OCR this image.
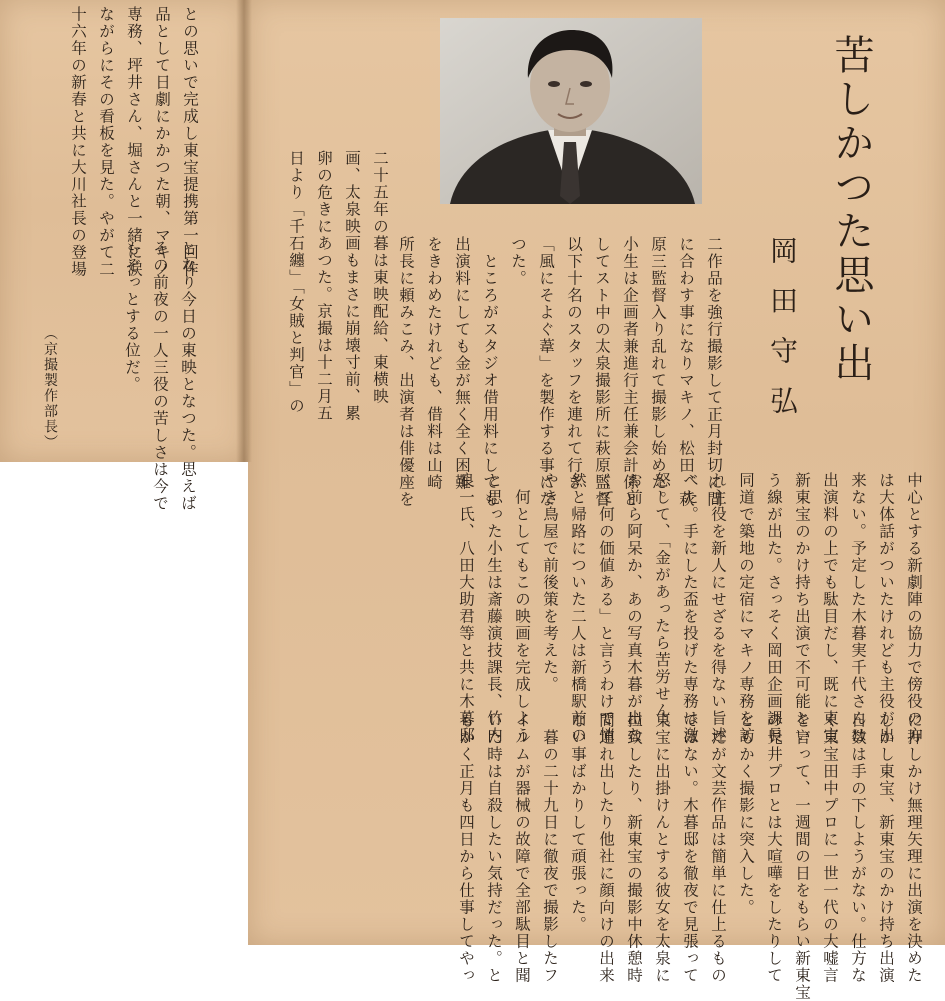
との思いで完成し東宝提携第一回作
品として日劇にかかつた朝、マキノ
専務、坪井さん、堀さんと一緒に涙
ながらにその看板を見た。やがて二
十六年の新春と共に大川社長の登場
となり今日の東映となつた。思えば
その前夜の一人三役の苦しさは今で
もぞっとする位だ。
（京撮製作部長）
苦しかつた思い出
岡田守弘
二十五年の暮は東映配給、東横映
画、太泉映画もまさに崩壊寸前、累
卵の危きにあつた。京撮は十二月五
日より「千石纏」「女賊と判官」の	二作品を強行撮影して正月封切に間
に合わす事になりマキノ、松田、萩
原三監督入り乱れて撮影し始めた。
小生は企画者兼進行主任兼会計係と
してスト中の太泉撮影所に萩原監督
以下十名のスタッフを連れて行き
「風にそよぐ葦」を製作する事にな
つた。
　ところがスタジオ借用料にしても
出演料にしても金が無く全く困難
をきわめたけれども、借料は山崎
所長に頼みこみ、出演者は俳優座を
中心とする新劇陣の協力で傍役の方
は大体話がついたけれども主役が出
来ない。予定した木暮実千代さんは
出演料の上でも駄目だし、既に東宝
新東宝のかけ持ち出演で不可能とい
う線が出た。さっそく岡田企画課長
同道で築地の定宿にマキノ専務を訪
れ主役を新人にせざるを得ない旨述
べた。手にした盃を投げた専務は激
怒して、「金があったら苦労せん。
お前ら阿呆か、あの写真木暮が出な
くて何の価値ある」と言うわけで悄
然と帰路についた二人は新橋駅前の
やき鳥屋で前後策を考えた。
　何としてもこの映画を完成しよう
と思った小生は斎藤演技課長、竹内
良一氏、八田大助君等と共に木暮邸
に押しかけ無理矢理に出演を決めた
しかし東宝、新東宝のかけ持ち出演
日数は手の下しようがない。仕方な
く東宝田中プロに一世一代の大嘘言
を言って、一週間の日をもらい新東宝
の児井プロとは大喧嘩をしたりして
ともかく撮影に突入した。
　だが文芸作品は簡単に仕上るもの
ではない。木暮邸を徹夜で見張って
東宝に出掛けんとする彼女を太泉に
拉致したり、新東宝の撮影中休憩時
間連れ出したり他社に顔向けの出来
ない事ばかりして頑張った。
　暮の二十九日に徹夜で撮影したフ
イルムが器械の故障で全部駄目と聞
いた時は自殺したい気持だった。と
もかく正月も四日から仕事してやっ
